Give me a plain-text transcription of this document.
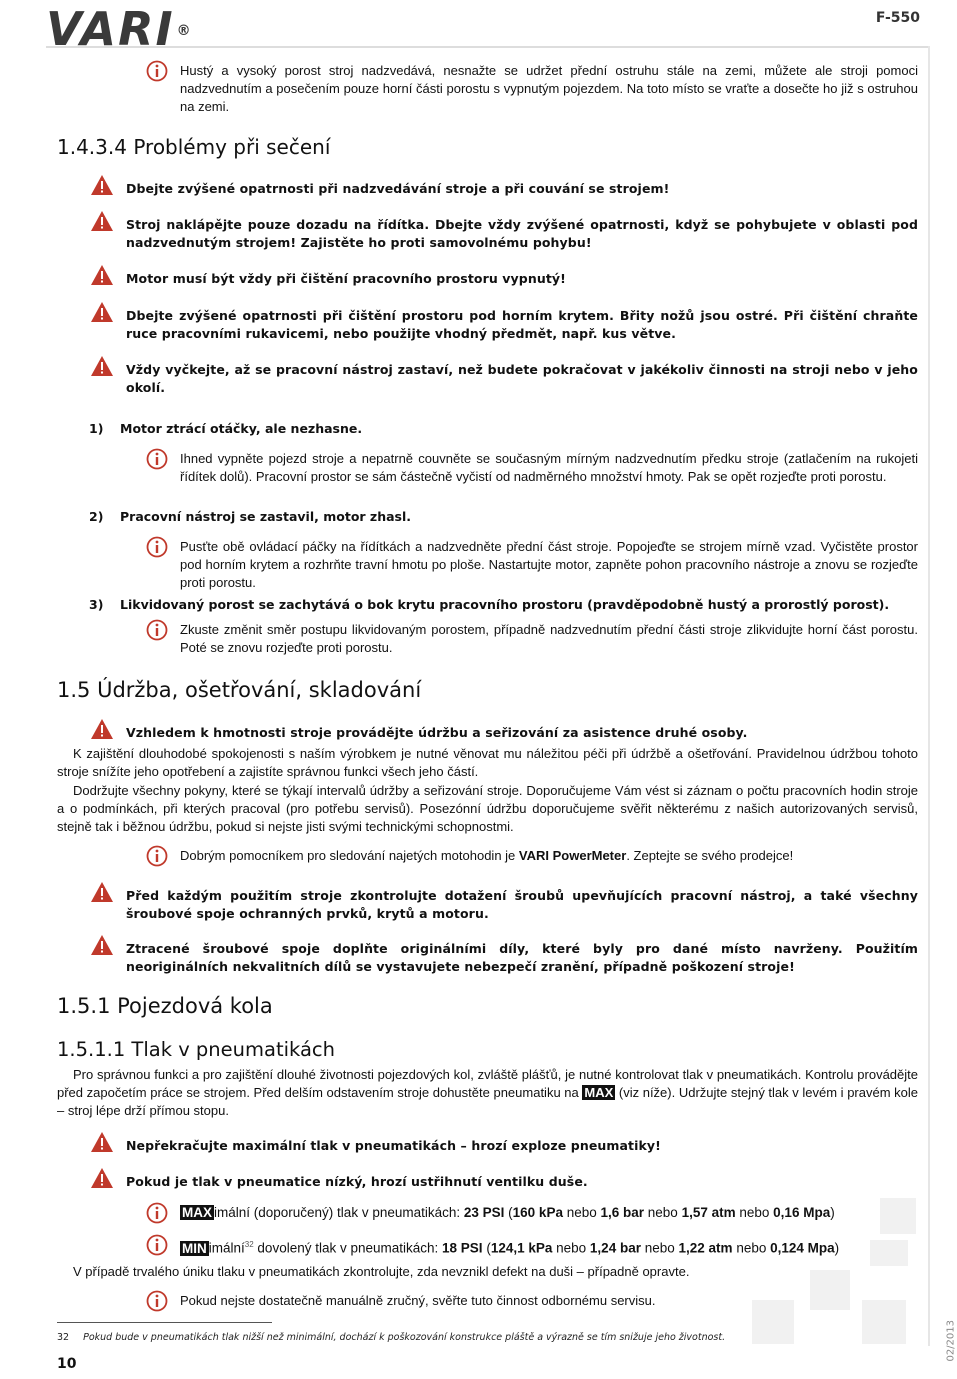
VARI ®
F-550
Hustý a vysoký porost stroj nadzvedává, nesnažte se udržet přední ostruhu stále na zemi, můžete ale stroji pomoci nadzvednutím a posečením pouze horní části porostu s vypnutým pojezdem. Na toto místo se vraťte a dosečte ho již s ostruhou na zemi.
1.4.3.4 Problémy při sečení
Dbejte zvýšené opatrnosti při nadzvedávání stroje a při couvání se strojem!
Stroj naklápějte pouze dozadu na řídítka. Dbejte vždy zvýšené opatrnosti, když se pohybujete v oblasti pod nadzvednutým strojem! Zajistěte ho proti samovolnému pohybu!
Motor musí být vždy při čištění pracovního prostoru vypnutý!
Dbejte zvýšené opatrnosti při čištění prostoru pod horním krytem. Břity nožů jsou ostré. Při čištění chraňte ruce pracovními rukavicemi, nebo použijte vhodný předmět, např. kus větve.
Vždy vyčkejte, až se pracovní nástroj zastaví, než budete pokračovat v jakékoliv činnosti na stroji nebo v jeho okolí.
1) Motor ztrácí otáčky, ale nezhasne.
Ihned vypněte pojezd stroje a nepatrně couvněte se současným mírným nadzvednutím předku stroje (zatlačením na rukojeti řídítek dolů). Pracovní prostor se sám částečně vyčistí od nadměrného množství hmoty. Pak se opět rozjeďte proti porostu.
2) Pracovní nástroj se zastavil, motor zhasl.
Pusťte obě ovládací páčky na řídítkách a nadzvedněte přední část stroje. Popojeďte se strojem mírně vzad. Vyčistěte prostor pod horním krytem a rozhrňte travní hmotu po ploše. Nastartujte motor, zapněte pohon pracovního nástroje a znovu se rozjeďte proti porostu.
3) Likvidovaný porost se zachytává o bok krytu pracovního prostoru (pravděpodobně hustý a prorostlý porost).
Zkuste změnit směr postupu likvidovaným porostem, případně nadzvednutím přední části stroje zlikvidujte horní část porostu. Poté se znovu rozjeďte proti porostu.
1.5 Údržba, ošetřování, skladování
Vzhledem k hmotnosti stroje provádějte údržbu a seřizování za asistence druhé osoby.
K zajištění dlouhodobé spokojenosti s naším výrobkem je nutné věnovat mu náležitou péči při údržbě a ošetřování. Pravidelnou údržbou tohoto stroje snížíte jeho opotřebení a zajistíte správnou funkci všech jeho částí.
Dodržujte všechny pokyny, které se týkají intervalů údržby a seřizování stroje. Doporučujeme Vám vést si záznam o počtu pracovních hodin stroje a o podmínkách, při kterých pracoval (pro potřebu servisů). Posezónní údržbu doporučujeme svěřit některému z našich autorizovaných servisů, stejně tak i běžnou údržbu, pokud si nejste jisti svými technickými schopnostmi.
Dobrým pomocníkem pro sledování najetých motohodin je VARI PowerMeter. Zeptejte se svého prodejce!
Před každým použitím stroje zkontrolujte dotažení šroubů upevňujících pracovní nástroj, a také všechny šroubové spoje ochranných prvků, krytů a motoru.
Ztracené šroubové spoje doplňte originálními díly, které byly pro dané místo navrženy. Použitím neoriginálních nekvalitních dílů se vystavujete nebezpečí zranění, případně poškození stroje!
1.5.1 Pojezdová kola
1.5.1.1 Tlak v pneumatikách
Pro správnou funkci a pro zajištění dlouhé životnosti pojezdových kol, zvláště plášťů, je nutné kontrolovat tlak v pneumatikách. Kontrolu provádějte před započetím práce se strojem. Před delším odstavením stroje dohustěte pneumatiku na MAX (viz níže). Udržujte stejný tlak v levém i pravém kole – stroj lépe drží přímou stopu.
Nepřekračujte maximální tlak v pneumatikách – hrozí exploze pneumatiky!
Pokud je tlak v pneumatice nízký, hrozí ustřihnutí ventilku duše.
MAX imální (doporučený) tlak v pneumatikách: 23 PSI (160 kPa nebo 1,6 bar nebo 1,57 atm nebo 0,16 Mpa)
MIN imální$^{32}$ dovolený tlak v pneumatikách: 18 PSI (124,1 kPa nebo 1,24 bar nebo 1,22 atm nebo 0,124 Mpa)
V případě trvalého úniku tlaku v pneumatikách zkontrolujte, zda nevznikl defekt na duši – případně opravte.
Pokud nejste dostatečně manuálně zručný, svěřte tuto činnost odbornému servisu.
32 Pokud bude v pneumatikách tlak nižší než minimální, dochází k poškozování konstrukce pláště a výrazně se tím snižuje jeho životnost.
10
02/2013
